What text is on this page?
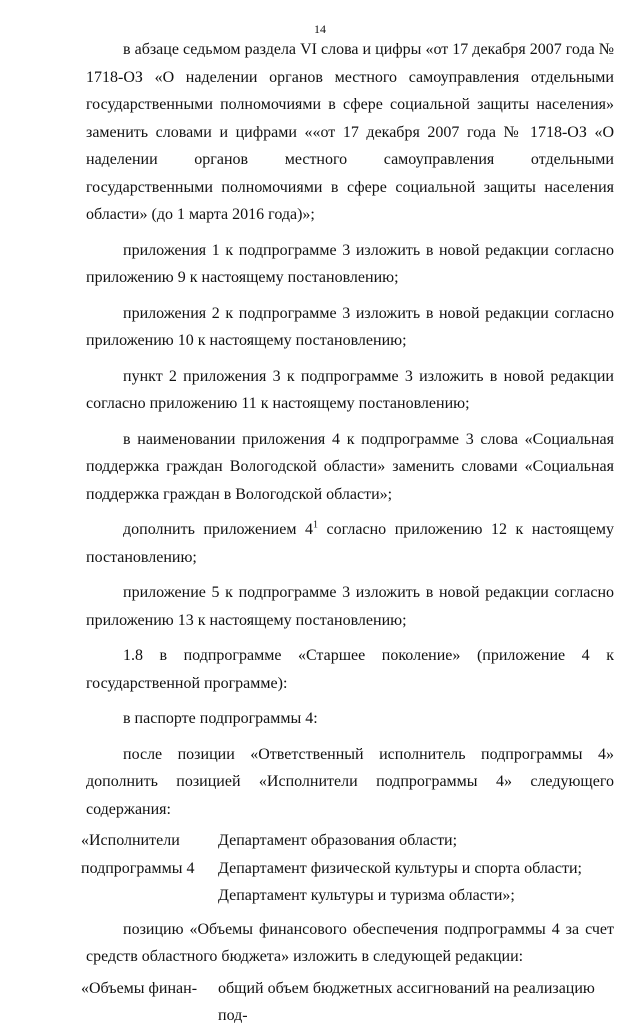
14

в абзаце седьмом раздела VI слова и цифры «от 17 декабря 2007 года № 1718-ОЗ «О наделении органов местного самоуправления отдельными государственными полномочиями в сфере социальной защиты населения» заменить словами и цифрами ««от 17 декабря 2007 года № 1718-ОЗ «О наделении органов местного самоуправления отдельными государственными полномочиями в сфере социальной защиты населения области» (до 1 марта 2016 года)»;

приложения 1 к подпрограмме 3 изложить в новой редакции согласно приложению 9 к настоящему постановлению;

приложения 2 к подпрограмме 3 изложить в новой редакции согласно приложению 10 к настоящему постановлению;

пункт 2 приложения 3 к подпрограмме 3 изложить в новой редакции согласно приложению 11 к настоящему постановлению;

в наименовании приложения 4 к подпрограмме 3 слова «Социальная поддержка граждан Вологодской области» заменить словами «Социальная поддержка граждан в Вологодской области»;

дополнить приложением $4^1$ согласно приложению 12 к настоящему постановлению;

приложение 5 к подпрограмме 3 изложить в новой редакции согласно приложению 13 к настоящему постановлению;

1.8 в подпрограмме «Старшее поколение» (приложение 4 к государственной программе):

в паспорте подпрограммы 4:

после позиции «Ответственный исполнитель подпрограммы 4» дополнить позицией «Исполнители подпрограммы 4» следующего содержания:

«Исполнители
подпрограммы 4
Департамент образования области;
Департамент физической культуры и спорта области;
Департамент культуры и туризма области»;

позицию «Объемы финансового обеспечения подпрограммы 4 за счет средств областного бюджета» изложить в следующей редакции:

«Объемы финан-	общий объем бюджетных ассигнований на реализацию под-
